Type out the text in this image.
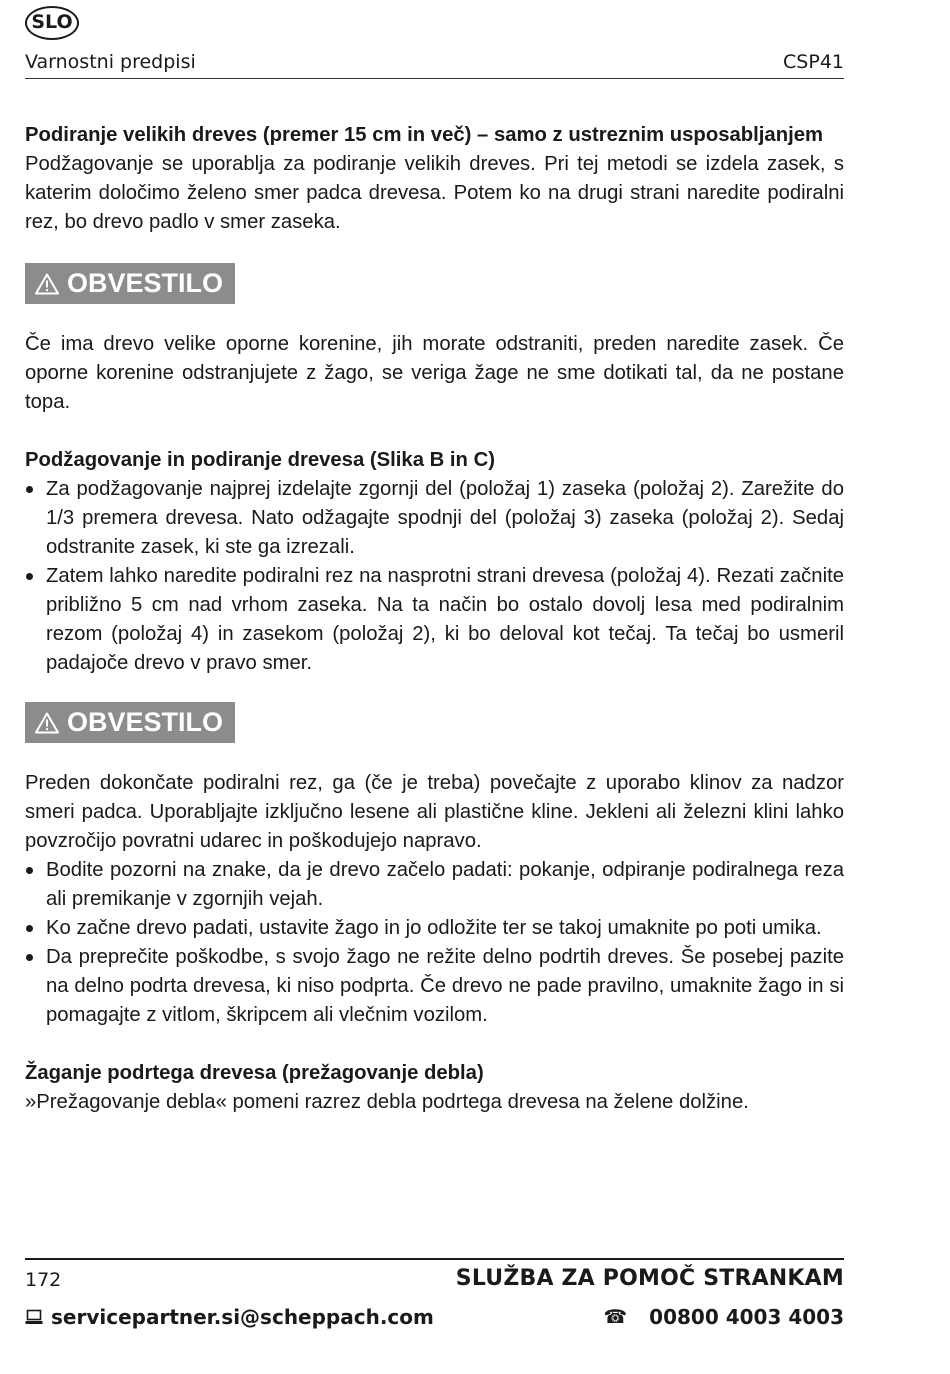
SLO
Varnostni predpisi	CSP41

Podiranje velikih dreves (premer 15 cm in več) – samo z ustreznim usposabljanjem

Podžagovanje se uporablja za podiranje velikih dreves. Pri tej metodi se izdela zasek, s katerim določimo želeno smer padca drevesa. Potem ko na drugi strani naredite podiralni rez, bo drevo padlo v smer zaseka.

OBVESTILO

Če ima drevo velike oporne korenine, jih morate odstraniti, preden naredite zasek. Če oporne korenine odstranjujete z žago, se veriga žage ne sme dotikati tal, da ne postane topa.

Podžagovanje in podiranje drevesa (Slika B in C)

Za podžagovanje najprej izdelajte zgornji del (položaj 1) zaseka (položaj 2). Zarežite do 1/3 premera drevesa. Nato odžagajte spodnji del (položaj 3) zaseka (položaj 2). Sedaj odstranite zasek, ki ste ga izrezali.
Zatem lahko naredite podiralni rez na nasprotni strani drevesa (položaj 4). Rezati začnite približno 5 cm nad vrhom zaseka. Na ta način bo ostalo dovolj lesa med podiralnim rezom (položaj 4) in zasekom (položaj 2), ki bo deloval kot tečaj. Ta tečaj bo usmeril padajoče drevo v pravo smer.
OBVESTILO

Preden dokončate podiralni rez, ga (če je treba) povečajte z uporabo klinov za nadzor smeri padca. Uporabljajte izključno lesene ali plastične kline. Jekleni ali železni klini lahko povzročijo povratni udarec in poškodujejo napravo.

Bodite pozorni na znake, da je drevo začelo padati: pokanje, odpiranje podiralnega reza ali premikanje v zgornjih vejah.
Ko začne drevo padati, ustavite žago in jo odložite ter se takoj umaknite po poti umika.
Da preprečite poškodbe, s svojo žago ne režite delno podrtih dreves. Še posebej pazite na delno podrta drevesa, ki niso podprta. Če drevo ne pade pravilno, umaknite žago in si pomagajte z vitlom, škripcem ali vlečnim vozilom.

Žaganje podrtega drevesa (prežagovanje debla)

»Prežagovanje debla« pomeni razrez debla podrtega drevesa na želene dolžine.

172	SLUŽBA ZA POMOČ STRANKAM
servicepartner.si@scheppach.com	☎ 00800 4003 4003
